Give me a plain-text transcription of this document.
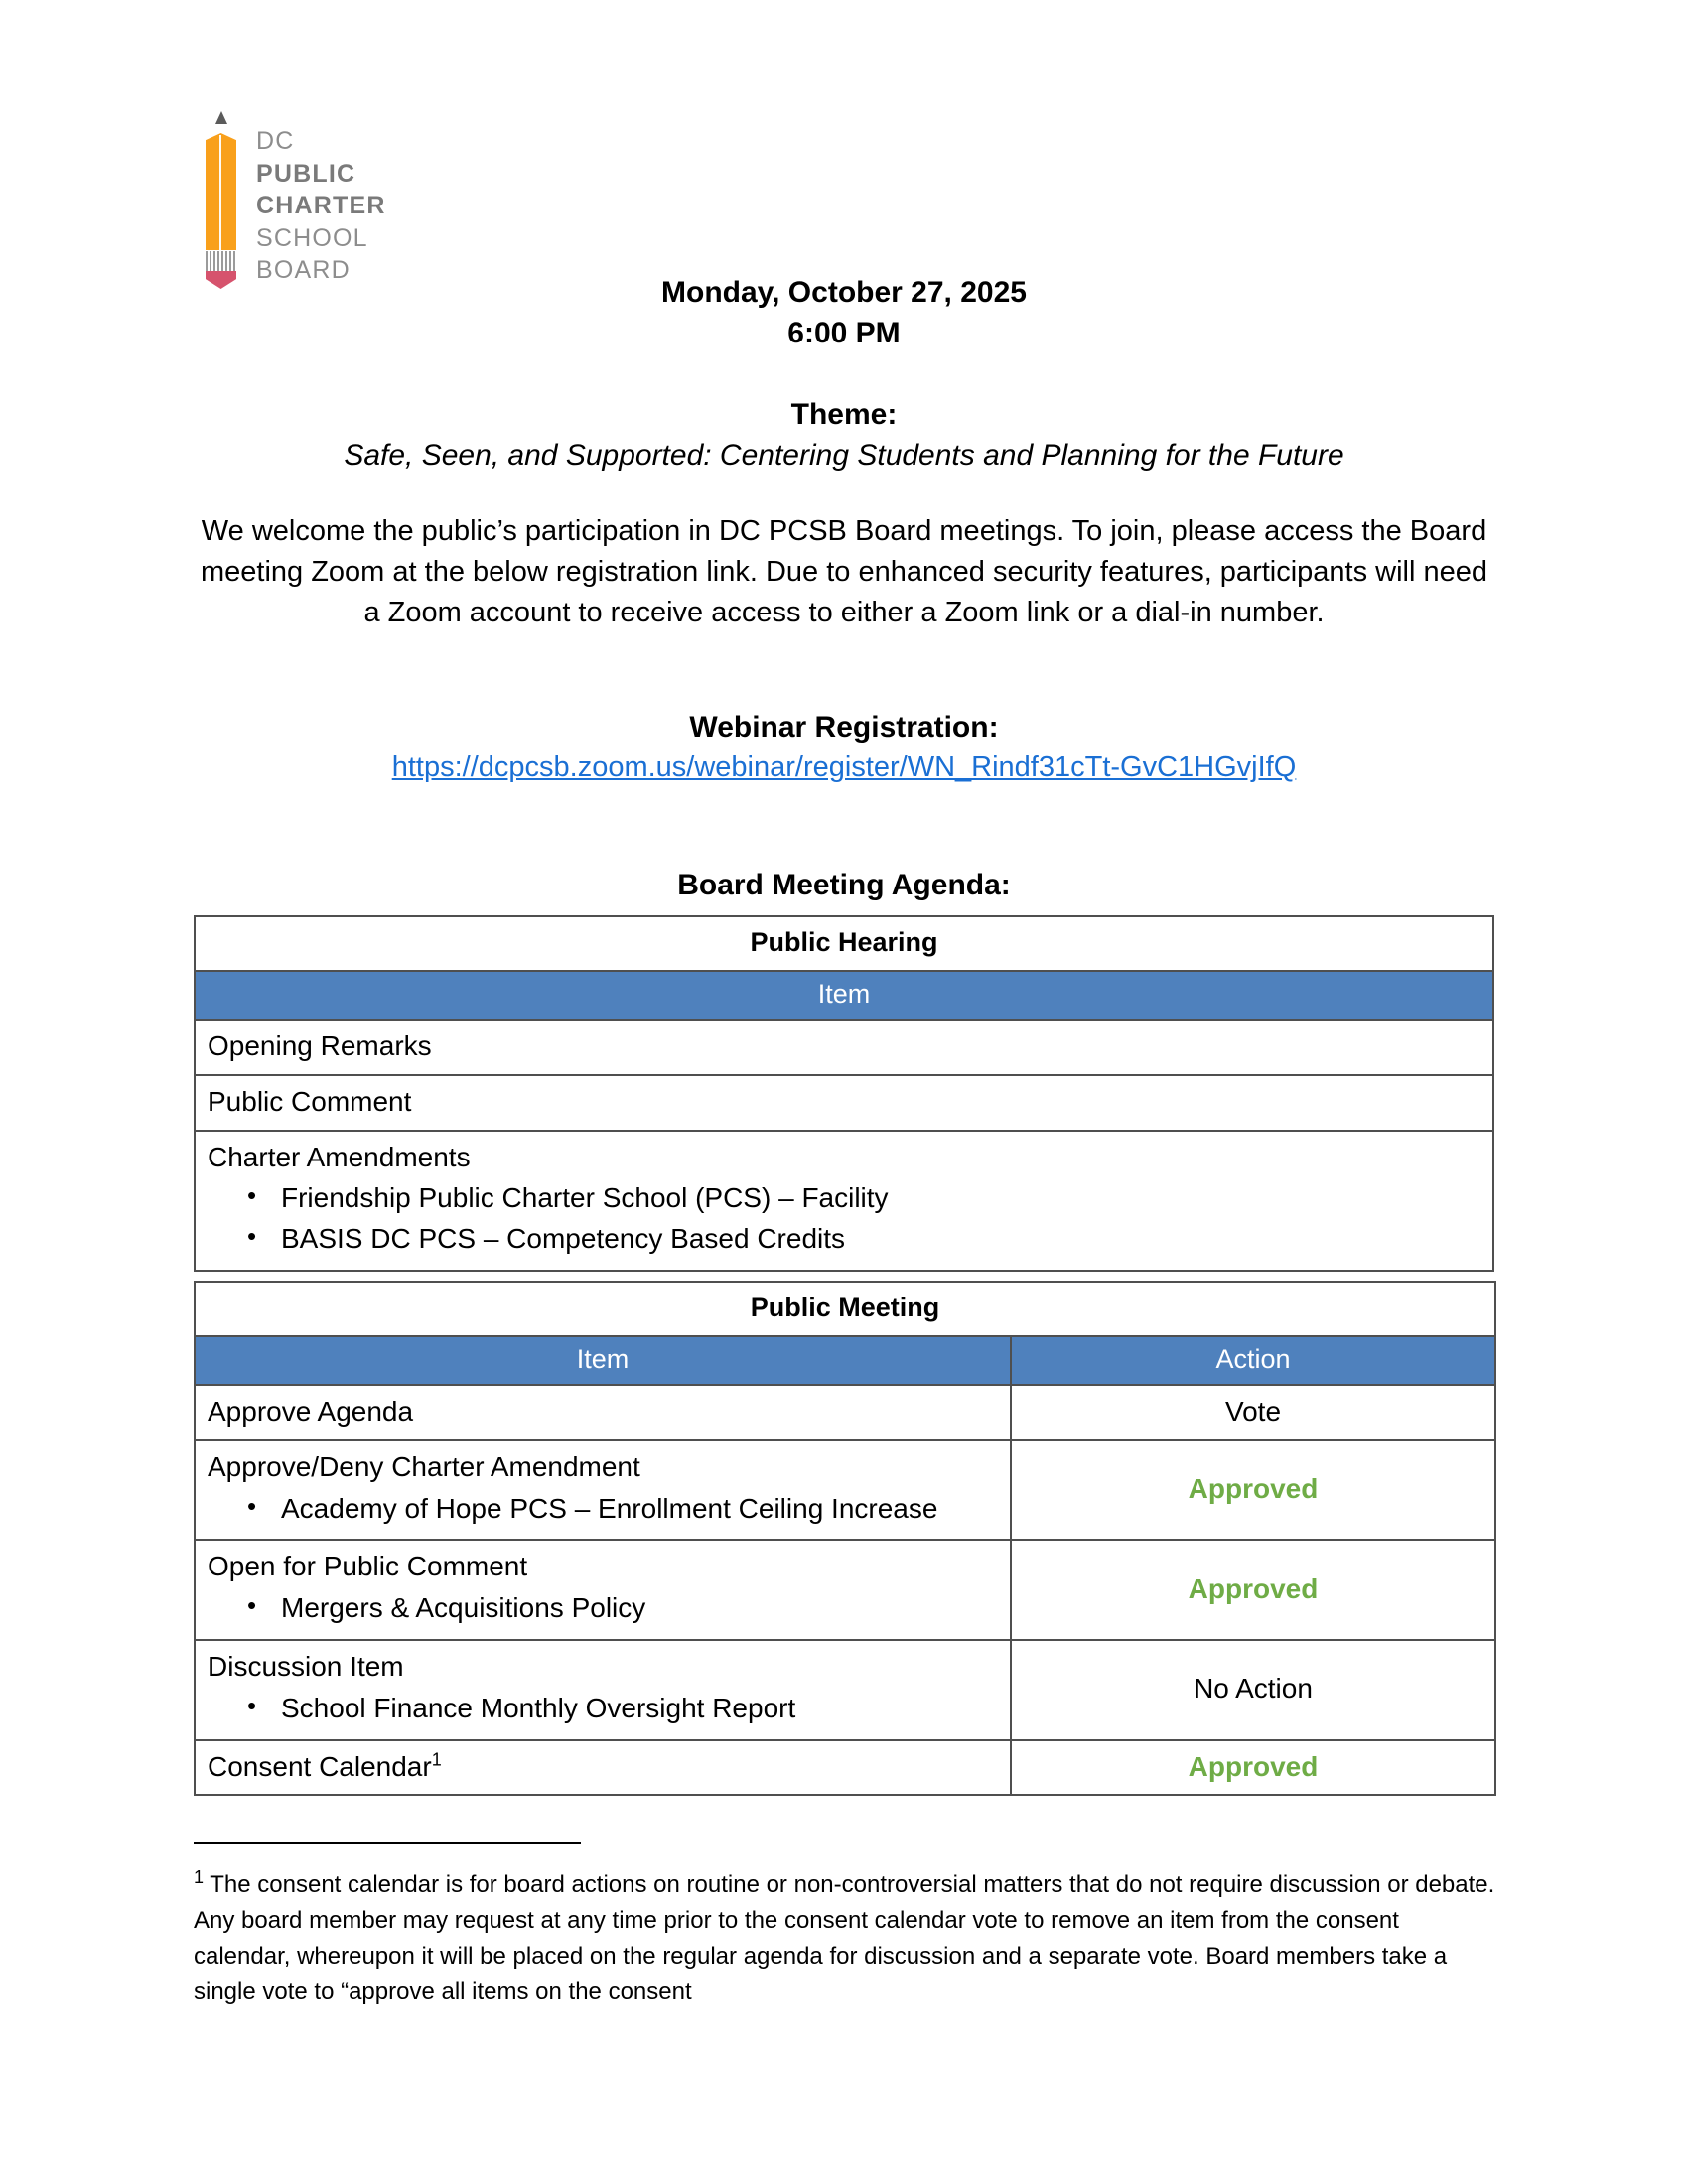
DC
PUBLIC
CHARTER
SCHOOL
BOARD
Monday, October 27, 2025
6:00 PM
Theme:
Safe, Seen, and Supported: Centering Students and Planning for the Future
We welcome the public’s participation in DC PCSB Board meetings. To join, please access the Board meeting Zoom at the below registration link. Due to enhanced security features, participants will need a Zoom account to receive access to either a Zoom link or a dial-in number.
Webinar Registration:
https://dcpcsb.zoom.us/webinar/register/WN_Rindf31cTt-GvC1HGvjIfQ
Board Meeting Agenda:
Public Hearing
Item

Opening Remarks

Public Comment

Charter Amendments
• Friendship Public Charter School (PCS) – Facility
• BASIS DC PCS – Competency Based Credits
Public Meeting	
Item	Action

Approve Agenda	Vote

Approve/Deny Charter Amendment
• Academy of Hope PCS – Enrollment Ceiling Increase
	Approved

Open for Public Comment
• Mergers & Acquisitions Policy
	Approved

Discussion Item
• School Finance Monthly Oversight Report
	No Action

Consent Calendar$^1$	Approved
$^1$ The consent calendar is for board actions on routine or non-controversial matters that do not require discussion or debate. Any board member may request at any time prior to the consent calendar vote to remove an item from the consent calendar, whereupon it will be placed on the regular agenda for discussion and a separate vote. Board members take a single vote to “approve all items on the consent
